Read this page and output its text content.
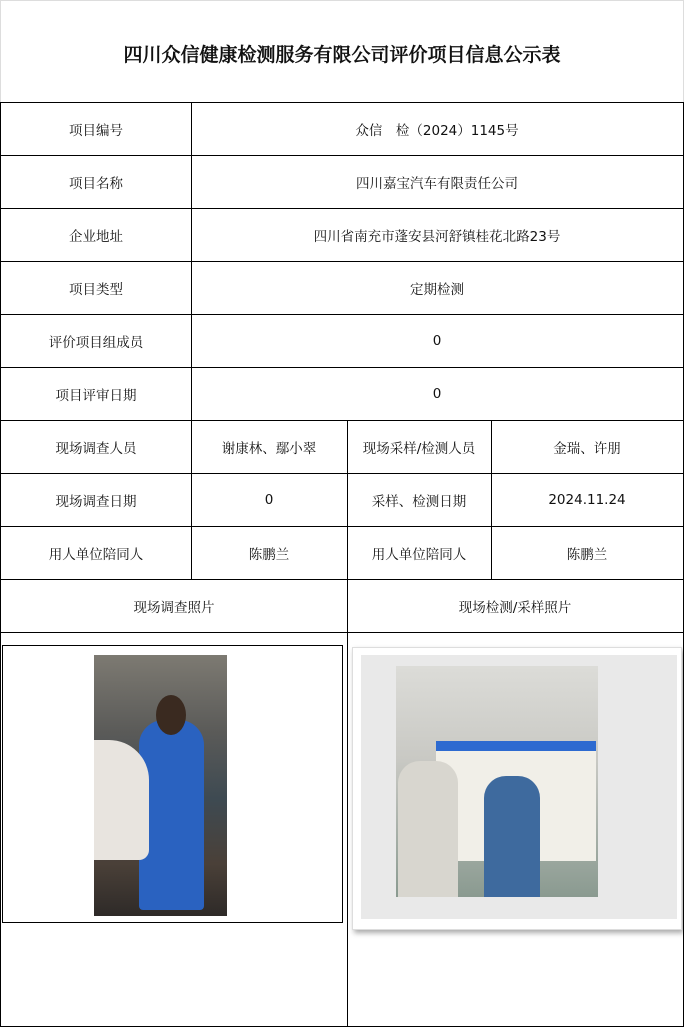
四川众信健康检测服务有限公司评价项目信息公示表
项目编号	众信　检（2024）1145号
项目名称	四川嘉宝汽车有限责任公司
企业地址	四川省南充市蓬安县河舒镇桂花北路23号
项目类型	定期检测
评价项目组成员	0
项目评审日期	0
现场调查人员	谢康林、鄢小翠	现场采样/检测人员	金瑞、许朋
现场调查日期	0	采样、检测日期	2024.11.24
用人单位陪同人	陈鹏兰	用人单位陪同人	陈鹏兰
现场调查照片	现场检测/采样照片
